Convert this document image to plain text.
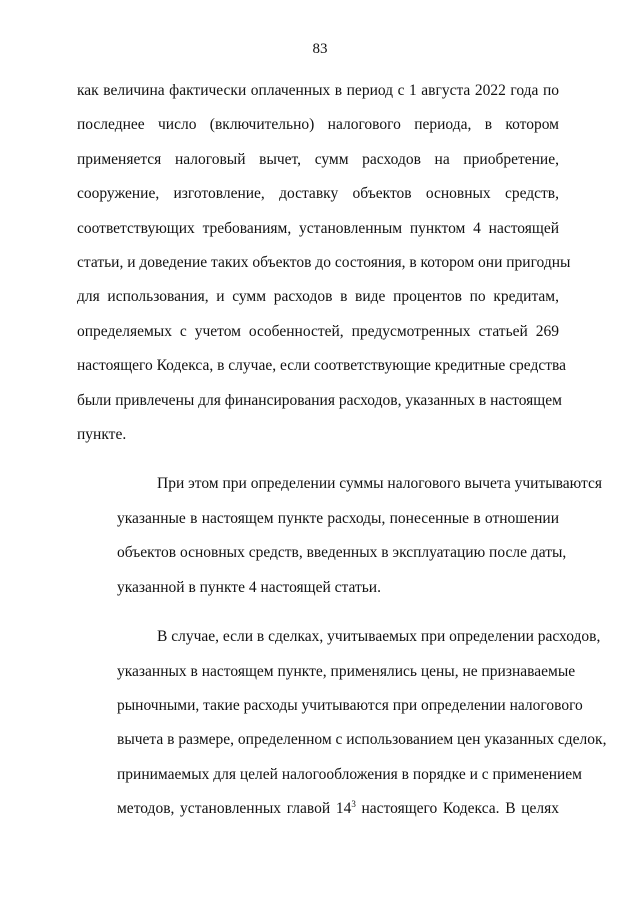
83

как величина фактически оплаченных в период с 1 августа 2022 года по
последнее число (включительно) налогового периода, в котором
применяется налоговый вычет, сумм расходов на приобретение,
сооружение, изготовление, доставку объектов основных средств,
соответствующих требованиям, установленным пунктом 4 настоящей
статьи, и доведение таких объектов до состояния, в котором они пригодны
для использования, и сумм расходов в виде процентов по кредитам,
определяемых с учетом особенностей, предусмотренных статьей 269
настоящего Кодекса, в случае, если соответствующие кредитные средства
были привлечены для финансирования расходов, указанных в настоящем
пункте.

При этом при определении суммы налогового вычета учитываются
указанные в настоящем пункте расходы, понесенные в отношении
объектов основных средств, введенных в эксплуатацию после даты,
указанной в пункте 4 настоящей статьи.

В случае, если в сделках, учитываемых при определении расходов,
указанных в настоящем пункте, применялись цены, не признаваемые
рыночными, такие расходы учитываются при определении налогового
вычета в размере, определенном с использованием цен указанных сделок,
принимаемых для целей налогообложения в порядке и с применением
методов, установленных главой $14^3$ настоящего Кодекса. В целях
